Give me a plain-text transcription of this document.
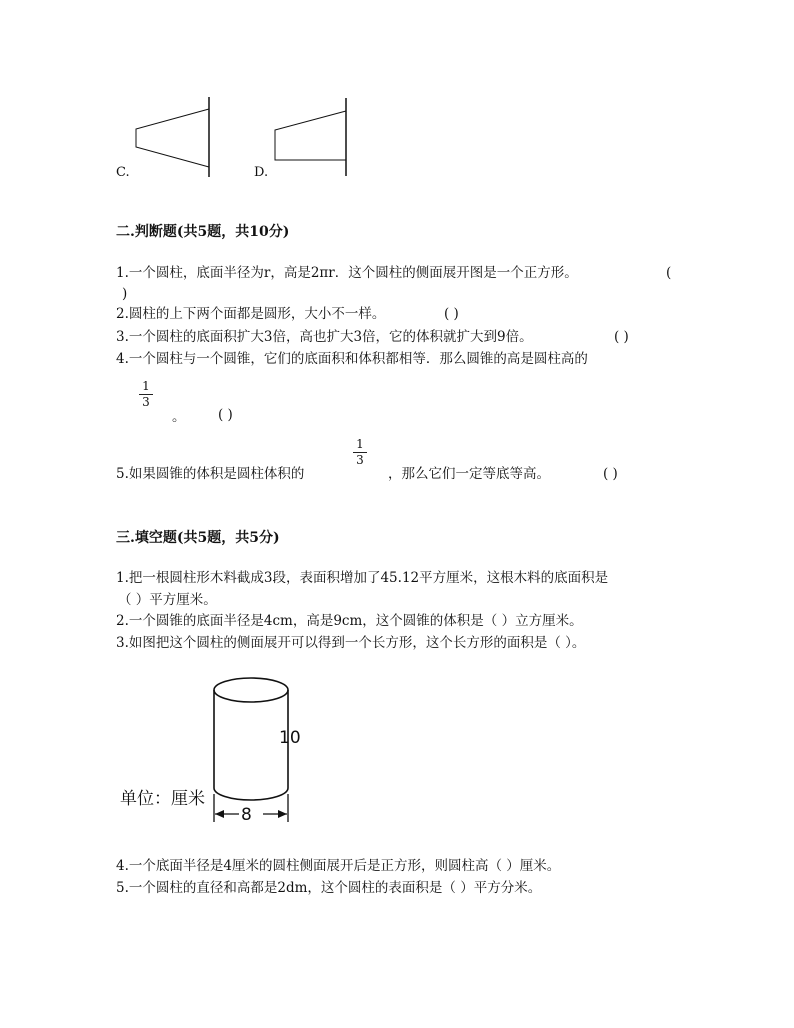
C.	D.
二.判断题(共5题，共10分)
1.一个圆柱，底面半径为r，高是2πr．这个圆柱的侧面展开图是一个正方形。	(
)
2.圆柱的上下两个面都是圆形，大小不一样。	( )
3.一个圆柱的底面积扩大3倍，高也扩大3倍，它的体积就扩大到9倍。	( )
4.一个圆柱与一个圆锥，它们的底面积和体积都相等．那么圆锥的高是圆柱高的
1
3
。 ( )
5.如果圆锥的体积是圆柱体积的
1
3
，那么它们一定等底等高。	( )
三.填空题(共5题，共5分)
1.把一根圆柱形木料截成3段，表面积增加了45.12平方厘米，这根木料的底面积是
（ ）平方厘米。
2.一个圆锥的底面半径是4cm，高是9cm，这个圆锥的体积是（ ）立方厘米。
3.如图把这个圆柱的侧面展开可以得到一个长方形，这个长方形的面积是（ ）。
10
8
单位：厘米
4.一个底面半径是4厘米的圆柱侧面展开后是正方形，则圆柱高（ ）厘米。
5.一个圆柱的直径和高都是2dm，这个圆柱的表面积是（ ）平方分米。
